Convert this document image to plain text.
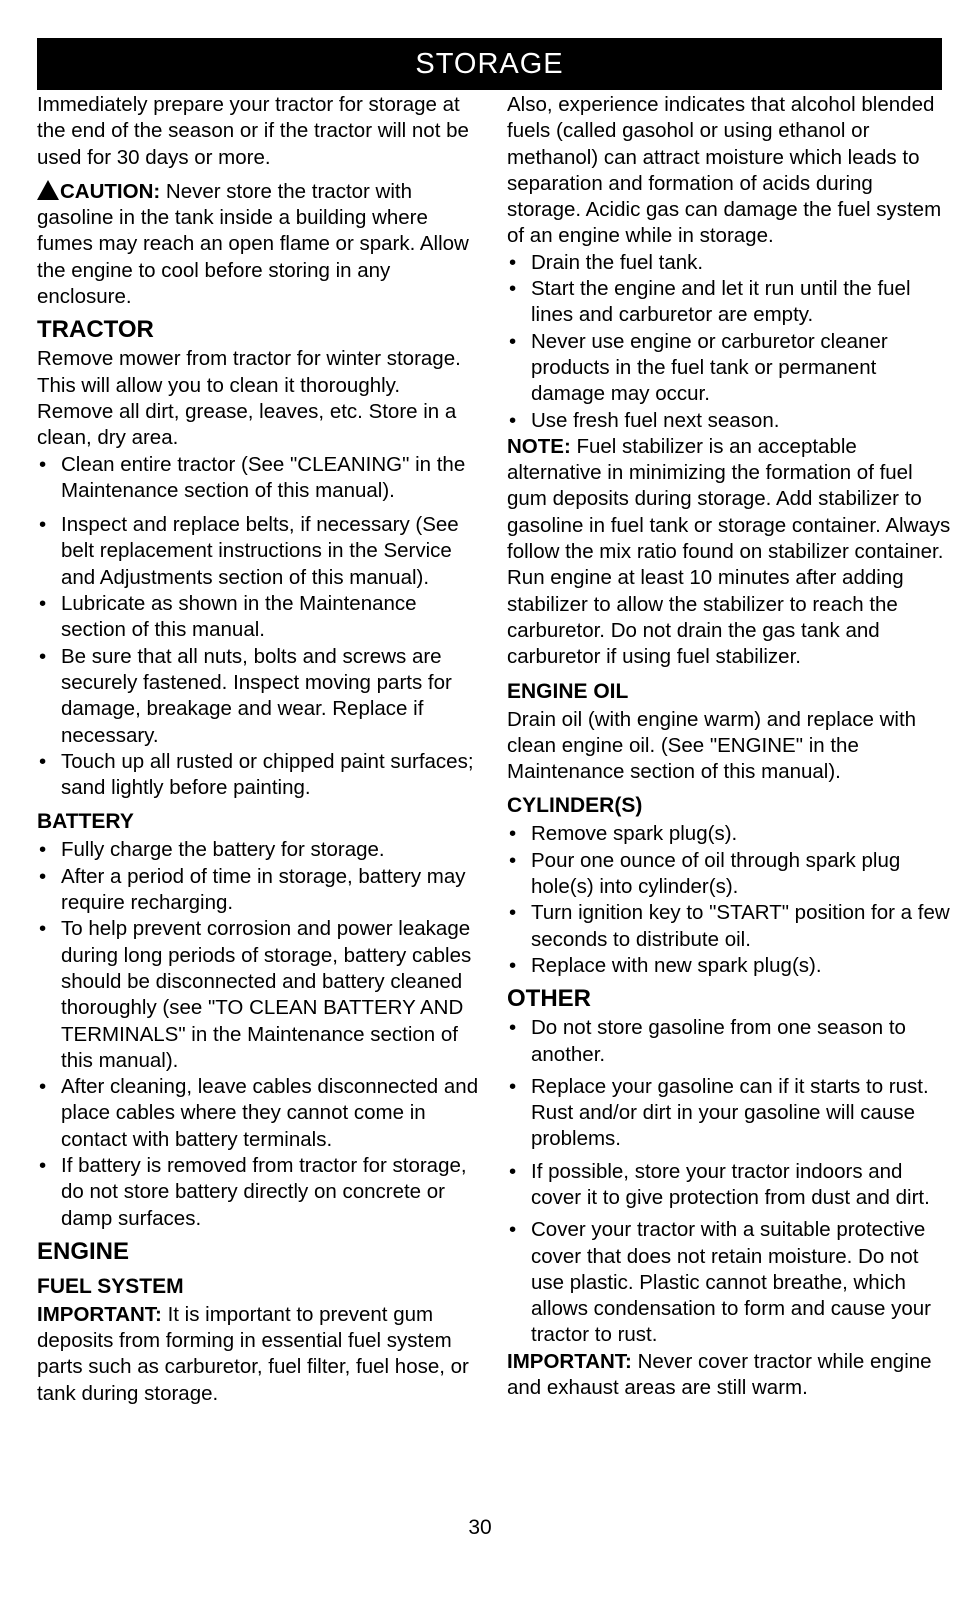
STORAGE

Immediately prepare your tractor for storage at the end of the season or if the tractor will not be used for 30 days or more.

CAUTION: Never store the tractor with gasoline in the tank inside a building where fumes may reach an open flame or spark. Allow the engine to cool before storing in any enclosure.

TRACTOR

Remove mower from tractor for winter storage. This will allow you to clean it thoroughly. Remove all dirt, grease, leaves, etc. Store in a clean, dry area.

• Clean entire tractor (See "CLEANING" in the Maintenance section of this manual).
• Inspect and replace belts, if necessary (See belt replacement instructions in the Service and Adjustments section of this manual).
• Lubricate as shown in the Maintenance section of this manual.
• Be sure that all nuts, bolts and screws are securely fastened. Inspect moving parts for damage, breakage and wear. Replace if necessary.
• Touch up all rusted or chipped paint surfaces; sand lightly before painting.
BATTERY
• Fully charge the battery for storage.
• After a period of time in storage, battery may require recharging.
• To help prevent corrosion and power leakage during long periods of storage, battery cables should be disconnected and battery cleaned thoroughly (see "TO CLEAN BATTERY AND TERMINALS" in the Maintenance section of this manual).
• After cleaning, leave cables disconnected and place cables where they cannot come in contact with battery terminals.
• If battery is removed from tractor for storage, do not store battery directly on concrete or damp surfaces.
ENGINE
FUEL SYSTEM

IMPORTANT: It is important to prevent gum deposits from forming in essential fuel system parts such as carburetor, fuel filter, fuel hose, or tank during storage.

Also, experience indicates that alcohol blended fuels (called gasohol or using ethanol or methanol) can attract moisture which leads to separation and formation of acids during storage. Acidic gas can damage the fuel system of an engine while in storage.

• Drain the fuel tank.
• Start the engine and let it run until the fuel lines and carburetor are empty.
• Never use engine or carburetor cleaner products in the fuel tank or permanent damage may occur.
• Use fresh fuel next season.

NOTE: Fuel stabilizer is an acceptable alternative in minimizing the formation of fuel gum deposits during storage. Add stabilizer to gasoline in fuel tank or storage container. Always follow the mix ratio found on stabilizer container. Run engine at least 10 minutes after adding stabilizer to allow the stabilizer to reach the carburetor. Do not drain the gas tank and carburetor if using fuel stabilizer.

ENGINE OIL

Drain oil (with engine warm) and replace with clean engine oil. (See "ENGINE" in the Maintenance section of this manual).

CYLINDER(S)
• Remove spark plug(s).
• Pour one ounce of oil through spark plug hole(s) into cylinder(s).
• Turn ignition key to "START" position for a few seconds to distribute oil.
• Replace with new spark plug(s).
OTHER
• Do not store gasoline from one season to another.
• Replace your gasoline can if it starts to rust. Rust and/or dirt in your gasoline will cause problems.
• If possible, store your tractor indoors and cover it to give protection from dust and dirt.
• Cover your tractor with a suitable protective cover that does not retain moisture. Do not use plastic. Plastic cannot breathe, which allows condensation to form and cause your tractor to rust.

IMPORTANT: Never cover tractor while engine and exhaust areas are still warm.

30
